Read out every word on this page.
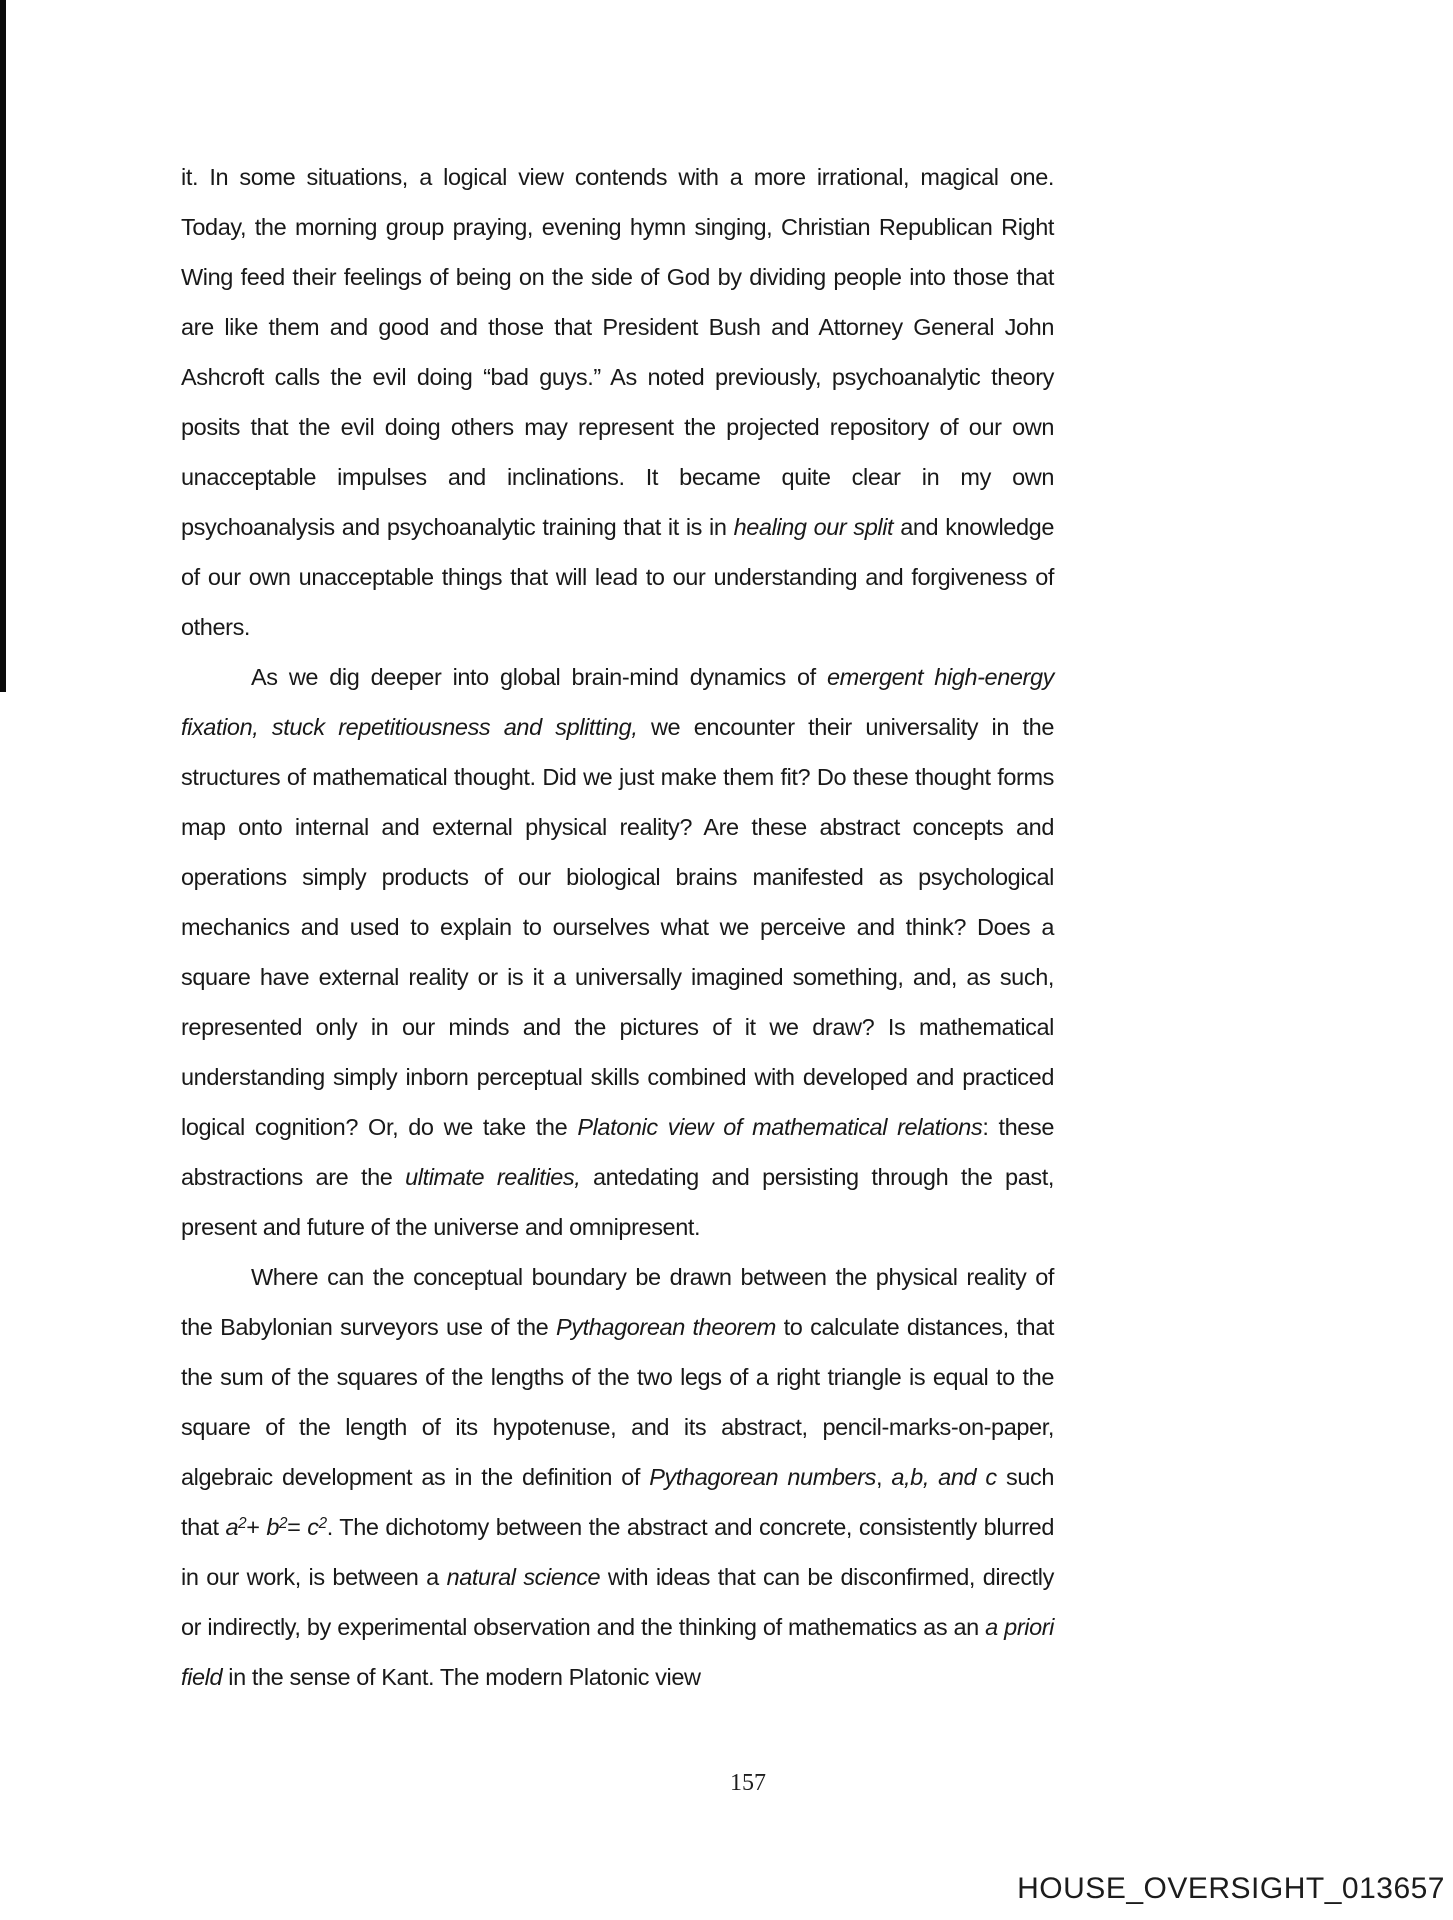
it. In some situations, a logical view contends with a more irrational, magical one. Today, the morning group praying, evening hymn singing, Christian Republican Right Wing feed their feelings of being on the side of God by dividing people into those that are like them and good and those that President Bush and Attorney General John Ashcroft calls the evil doing “bad guys.” As noted previously, psychoanalytic theory posits that the evil doing others may represent the projected repository of our own unacceptable impulses and inclinations. It became quite clear in my own psychoanalysis and psychoanalytic training that it is in healing our split and knowledge of our own unacceptable things that will lead to our understanding and forgiveness of others.

As we dig deeper into global brain-mind dynamics of emergent high-energy fixation, stuck repetitiousness and splitting, we encounter their universality in the structures of mathematical thought. Did we just make them fit? Do these thought forms map onto internal and external physical reality? Are these abstract concepts and operations simply products of our biological brains manifested as psychological mechanics and used to explain to ourselves what we perceive and think? Does a square have external reality or is it a universally imagined something, and, as such, represented only in our minds and the pictures of it we draw? Is mathematical understanding simply inborn perceptual skills combined with developed and practiced logical cognition? Or, do we take the Platonic view of mathematical relations: these abstractions are the ultimate realities, antedating and persisting through the past, present and future of the universe and omnipresent.

Where can the conceptual boundary be drawn between the physical reality of the Babylonian surveyors use of the Pythagorean theorem to calculate distances, that the sum of the squares of the lengths of the two legs of a right triangle is equal to the square of the length of its hypotenuse, and its abstract, pencil-marks-on-paper, algebraic development as in the definition of Pythagorean numbers, a,b, and c such that $a^2+ b^2= c^2$. The dichotomy between the abstract and concrete, consistently blurred in our work, is between a natural science with ideas that can be disconfirmed, directly or indirectly, by experimental observation and the thinking of mathematics as an a priori field in the sense of Kant. The modern Platonic view

157
HOUSE_OVERSIGHT_013657
